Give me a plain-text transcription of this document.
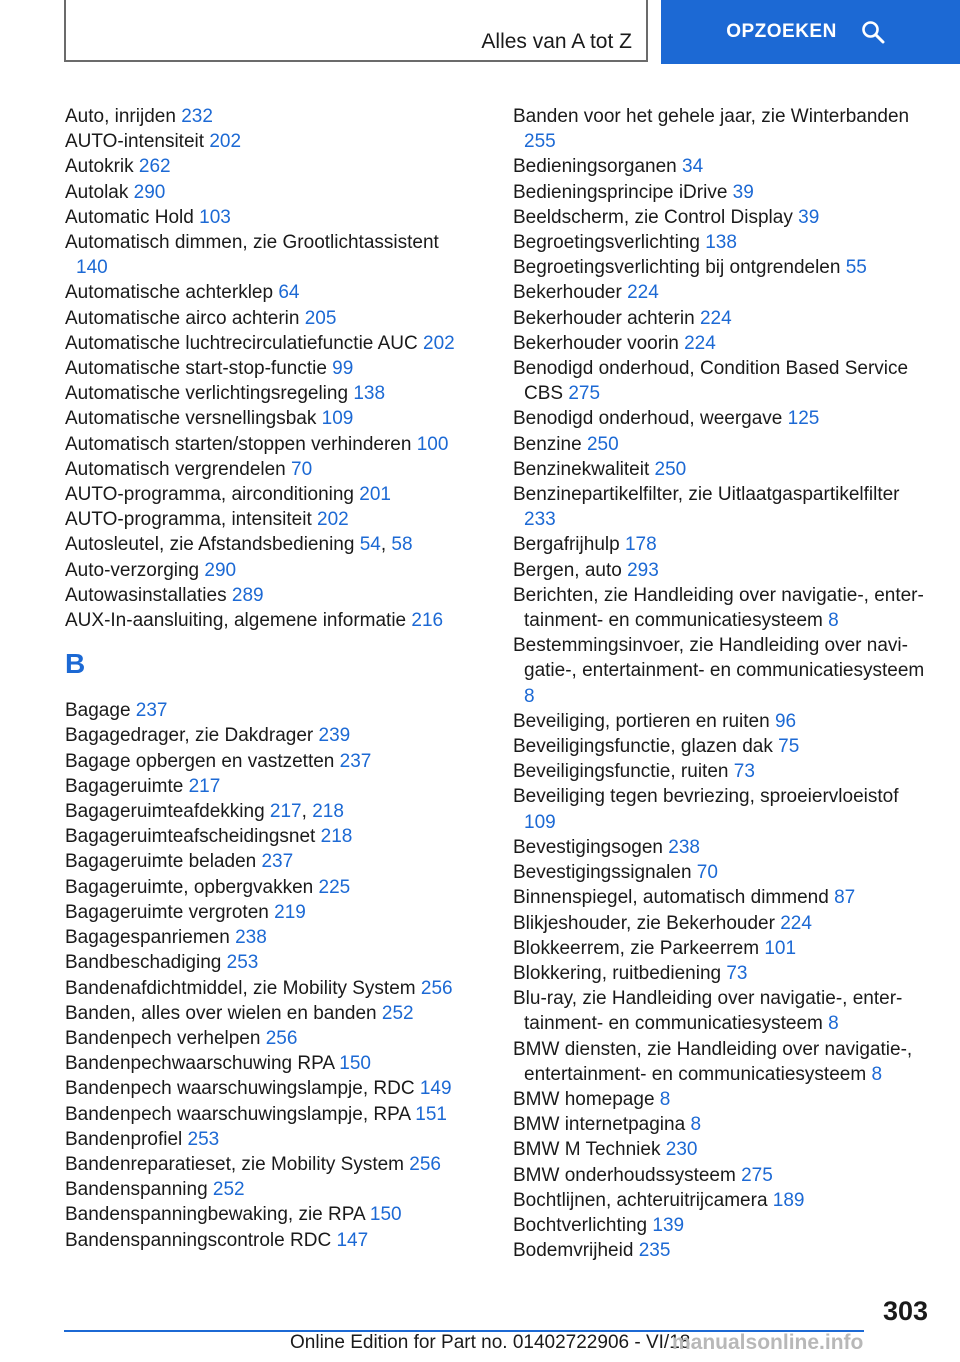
Alles van A tot Z	OPZOEKEN
Auto, inrijden 232
AUTO-intensiteit 202
Autokrik 262
Autolak 290
Automatic Hold 103
Automatisch dimmen, zie Grootlichtassistent 140
Automatische achterklep 64
Automatische airco achterin 205
Automatische luchtrecirculatiefunctie AUC 202
Automatische start-stop-functie 99
Automatische verlichtingsregeling 138
Automatische versnellingsbak 109
Automatisch starten/stoppen verhinderen 100
Automatisch vergrendelen 70
AUTO-programma, airconditioning 201
AUTO-programma, intensiteit 202
Autosleutel, zie Afstandsbediening 54, 58
Auto-verzorging 290
Autowasinstallaties 289
AUX-In-aansluiting, algemene informatie 216
B
Bagage 237
Bagagedrager, zie Dakdrager 239
Bagage opbergen en vastzetten 237
Bagageruimte 217
Bagageruimteafdekking 217, 218
Bagageruimteafscheidingsnet 218
Bagageruimte beladen 237
Bagageruimte, opbergvakken 225
Bagageruimte vergroten 219
Bagagespanriemen 238
Bandbeschadiging 253
Bandenafdichtmiddel, zie Mobility System 256
Banden, alles over wielen en banden 252
Bandenpech verhelpen 256
Bandenpechwaarschuwing RPA 150
Bandenpech waarschuwingslampje, RDC 149
Bandenpech waarschuwingslampje, RPA 151
Bandenprofiel 253
Bandenreparatieset, zie Mobility System 256
Bandenspanning 252
Bandenspanningbewaking, zie RPA 150
Bandenspanningscontrole RDC 147
Banden voor het gehele jaar, zie Winterbanden 255
Bedieningsorganen 34
Bedieningsprincipe iDrive 39
Beeldscherm, zie Control Display 39
Begroetingsverlichting 138
Begroetingsverlichting bij ontgrendelen 55
Bekerhouder 224
Bekerhouder achterin 224
Bekerhouder voorin 224
Benodigd onderhoud, Condition Based Service CBS 275
Benodigd onderhoud, weergave 125
Benzine 250
Benzinekwaliteit 250
Benzinepartikelfilter, zie Uitlaatgaspartikelfilter 233
Bergafrijhulp 178
Bergen, auto 293
Berichten, zie Handleiding over navigatie-, entertainment- en communicatiesysteem 8
Bestemmingsinvoer, zie Handleiding over navigatie-, entertainment- en communicatiesysteem 8
Beveiliging, portieren en ruiten 96
Beveiligingsfunctie, glazen dak 75
Beveiligingsfunctie, ruiten 73
Beveiliging tegen bevriezing, sproeiervloeistof 109
Bevestigingsogen 238
Bevestigingssignalen 70
Binnenspiegel, automatisch dimmend 87
Blikjeshouder, zie Bekerhouder 224
Blokkeerrem, zie Parkeerrem 101
Blokkering, ruitbediening 73
Blu-ray, zie Handleiding over navigatie-, entertainment- en communicatiesysteem 8
BMW diensten, zie Handleiding over navigatie-, entertainment- en communicatiesysteem 8
BMW homepage 8
BMW internetpagina 8
BMW M Techniek 230
BMW onderhoudssysteem 275
Bochtlijnen, achteruitrijcamera 189
Bochtverlichting 139
Bodemvrijheid 235
303
Online Edition for Part no. 01402722906 - VI/18
manualsonline.info
